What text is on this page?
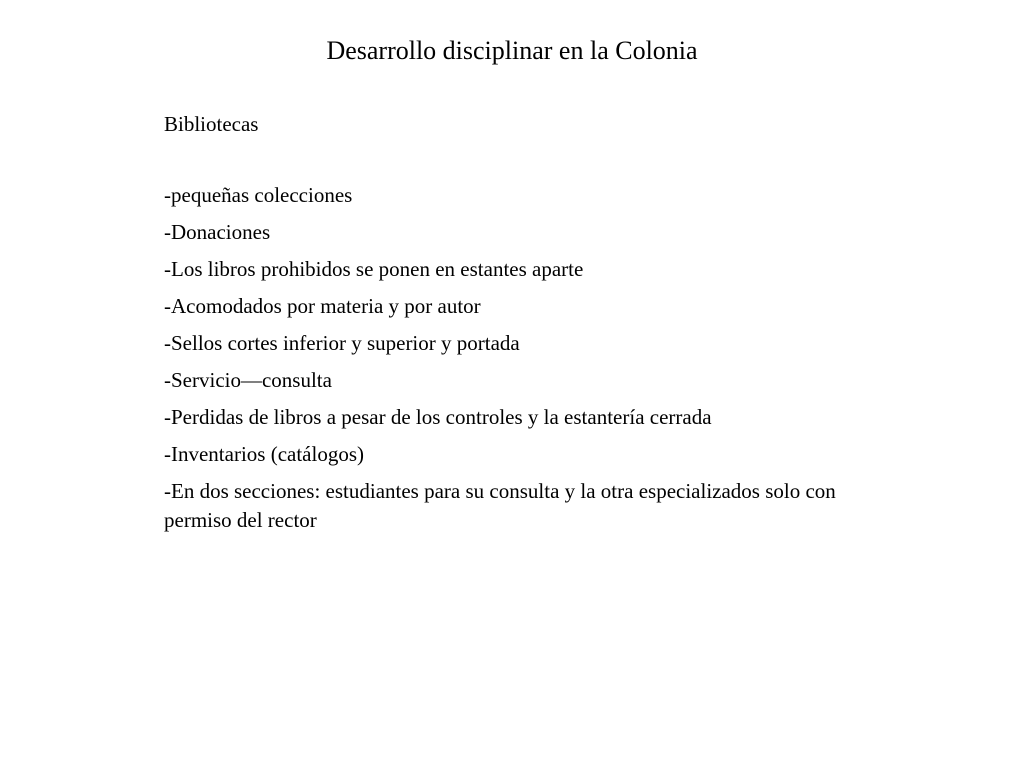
Desarrollo disciplinar en la Colonia

Bibliotecas

-pequeñas colecciones
-Donaciones
-Los libros prohibidos se ponen en estantes aparte
-Acomodados por materia y por autor
-Sellos cortes inferior y superior y portada
-Servicio—consulta
-Perdidas de libros a pesar de los controles y la estantería cerrada
-Inventarios (catálogos)
-En dos secciones: estudiantes para su consulta y la otra especializados solo con permiso del rector
